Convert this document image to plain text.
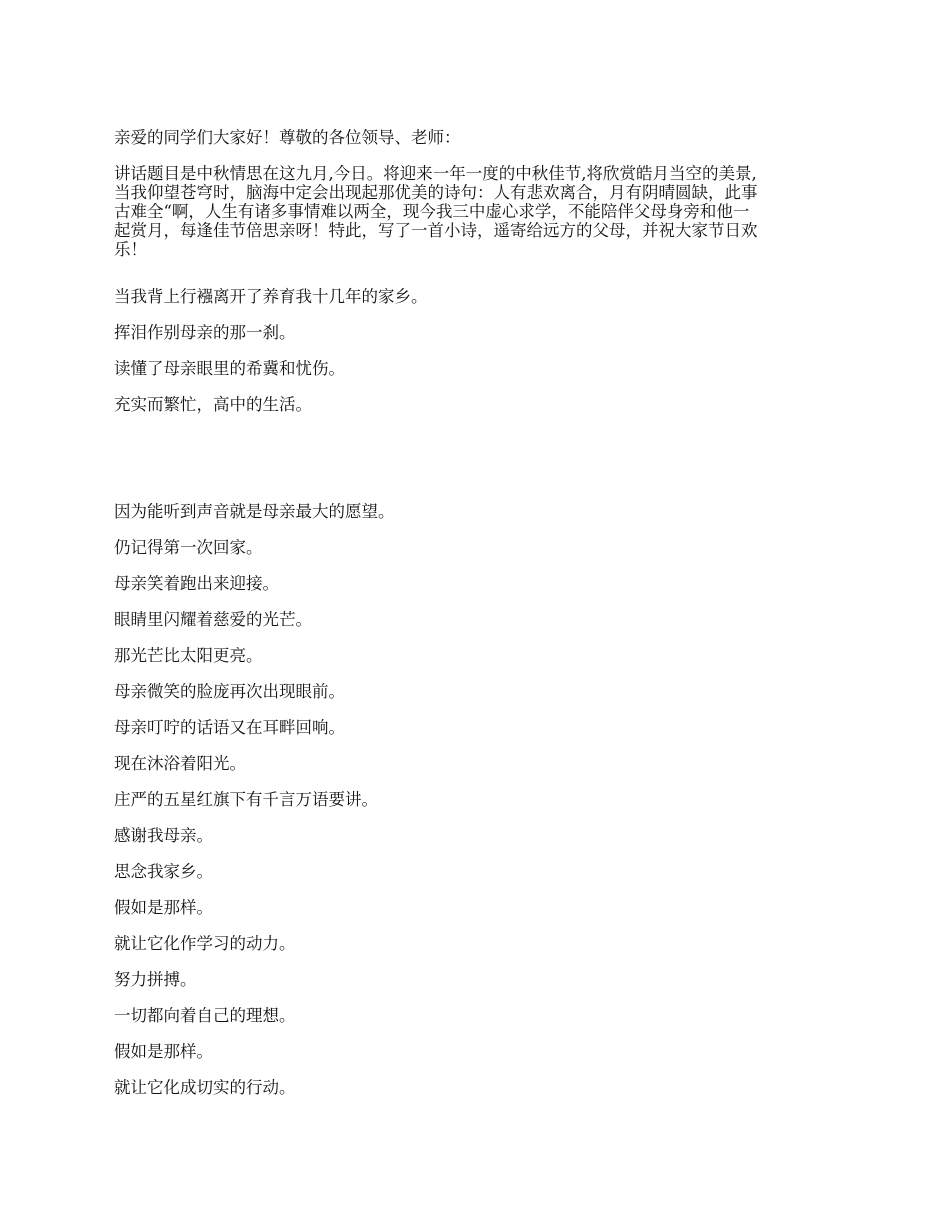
亲爱的同学们大家好！尊敬的各位领导、老师：

讲话题目是中秋情思在这九月,今日。将迎来一年一度的中秋佳节,将欣赏皓月当空的美景,
当我仰望苍穹时，脑海中定会出现起那优美的诗句：人有悲欢离合，月有阴晴圆缺，此事
古难全“啊，人生有诸多事情难以两全，现今我三中虚心求学，不能陪伴父母身旁和他一
起赏月，每逢佳节倍思亲呀！特此，写了一首小诗，遥寄给远方的父母，并祝大家节日欢
乐！

当我背上行襁离开了养育我十几年的家乡。

挥泪作别母亲的那一刹。

读懂了母亲眼里的希冀和忧伤。

充实而繁忙，高中的生活。

因为能听到声音就是母亲最大的愿望。

仍记得第一次回家。

母亲笑着跑出来迎接。

眼睛里闪耀着慈爱的光芒。

那光芒比太阳更亮。

母亲微笑的脸庞再次出现眼前。

母亲叮咛的话语又在耳畔回响。

现在沐浴着阳光。

庄严的五星红旗下有千言万语要讲。

感谢我母亲。

思念我家乡。

假如是那样。

就让它化作学习的动力。

努力拼搏。

一切都向着自己的理想。

假如是那样。

就让它化成切实的行动。
